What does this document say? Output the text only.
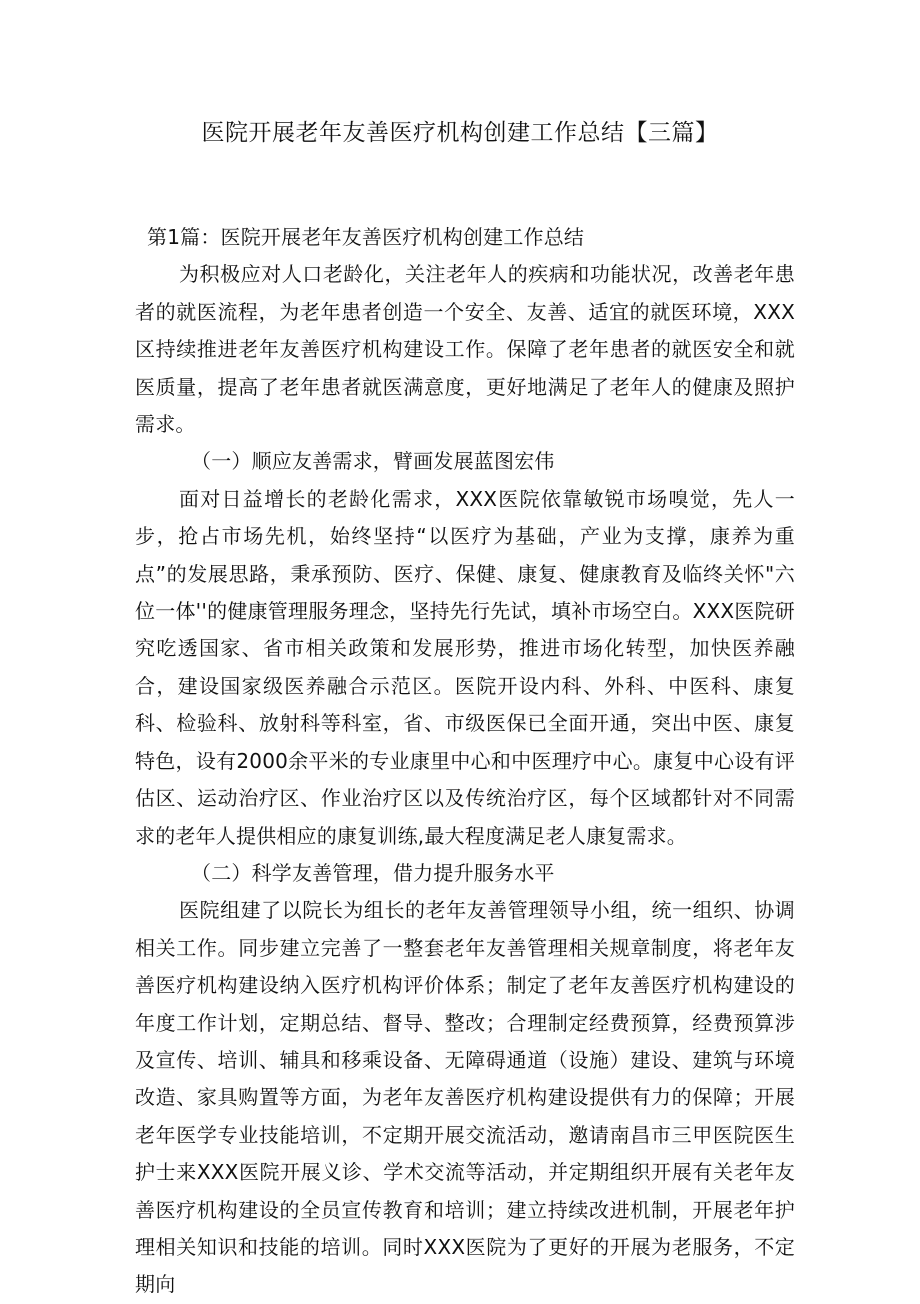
医院开展老年友善医疗机构创建工作总结【三篇】

第1篇：医院开展老年友善医疗机构创建工作总结

为积极应对人口老龄化，关注老年人的疾病和功能状况，改善老年患者的就医流程，为老年患者创造一个安全、友善、适宜的就医环境，XXX区持续推进老年友善医疗机构建设工作。保障了老年患者的就医安全和就医质量，提高了老年患者就医满意度，更好地满足了老年人的健康及照护需求。

（一）顺应友善需求，臂画发展蓝图宏伟

面对日益增长的老龄化需求，XXX医院依靠敏锐市场嗅觉，先人一步，抢占市场先机，始终坚持“以医疗为基础，产业为支撑，康养为重点”的发展思路，秉承预防、医疗、保健、康复、健康教育及临终关怀"六位一体''的健康管理服务理念，坚持先行先试，填补市场空白。XXX医院研究吃透国家、省市相关政策和发展形势，推进市场化转型，加快医养融合，建设国家级医养融合示范区。医院开设内科、外科、中医科、康复科、检验科、放射科等科室，省、市级医保已全面开通，突出中医、康复特色，设有2000余平米的专业康里中心和中医理疗中心。康复中心设有评估区、运动治疗区、作业治疗区以及传统治疗区，每个区域都针对不同需求的老年人提供相应的康复训练,最大程度满足老人康复需求。

（二）科学友善管理，借力提升服务水平

医院组建了以院长为组长的老年友善管理领导小组，统一组织、协调相关工作。同步建立完善了一整套老年友善管理相关规章制度，将老年友善医疗机构建设纳入医疗机构评价体系；制定了老年友善医疗机构建设的年度工作计划，定期总结、督导、整改；合理制定经费预算，经费预算涉及宣传、培训、辅具和移乘设备、无障碍通道（设施）建设、建筑与环境改造、家具购置等方面，为老年友善医疗机构建设提供有力的保障；开展老年医学专业技能培训，不定期开展交流活动，邀请南昌市三甲医院医生护士来XXX医院开展义诊、学术交流等活动，并定期组织开展有关老年友善医疗机构建设的全员宣传教育和培训；建立持续改进机制，开展老年护理相关知识和技能的培训。同时XXX医院为了更好的开展为老服务，不定期向
